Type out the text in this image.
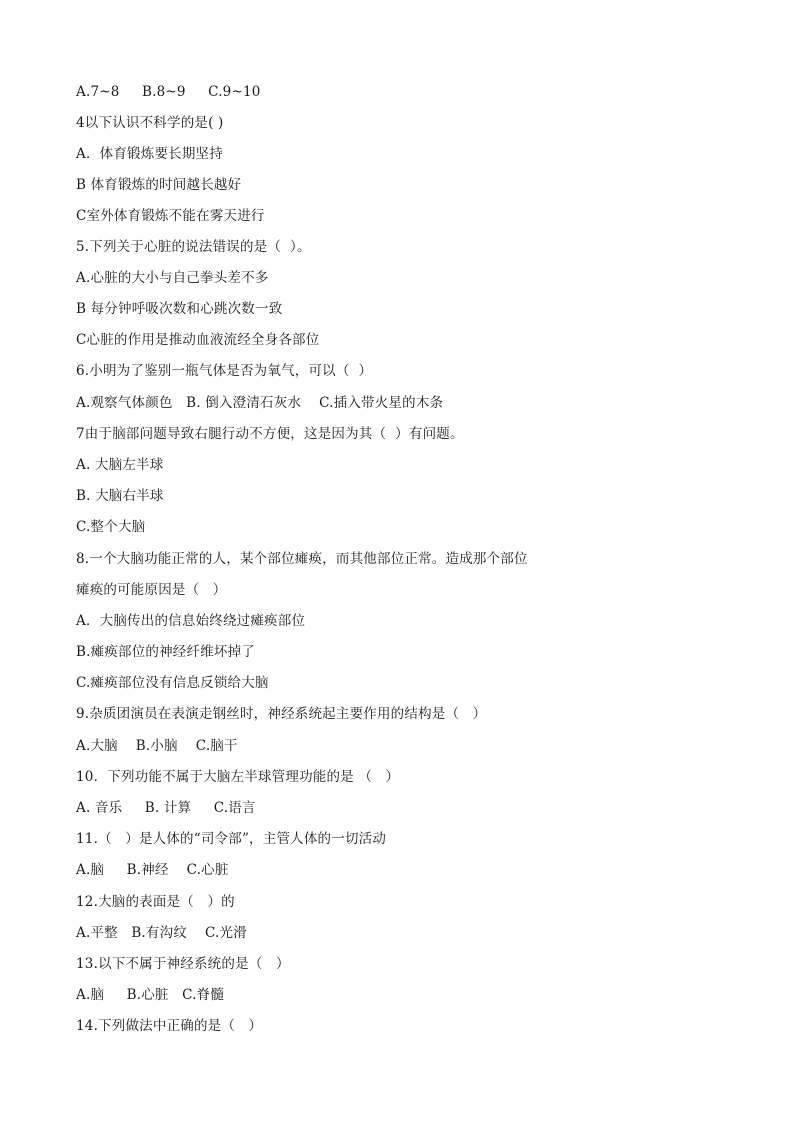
A.7~8     B.8~9     C.9~10
4以下认识不科学的是( )
A．体育锻炼要长期坚持
B 体育锻炼的时间越长越好
C室外体育锻炼不能在雾天进行
5.下列关于心脏的说法错误的是（  ）。
A.心脏的大小与自己拳头差不多
B 每分钟呼吸次数和心跳次数一致
C心脏的作用是推动血液流经全身各部位
6.小明为了鉴别一瓶气体是否为氧气，可以（  ）
A.观察气体颜色   B. 倒入澄清石灰水    C.插入带火星的木条
7由于脑部问题导致右腿行动不方便，这是因为其（  ）有问题。
A. 大脑左半球
B. 大脑右半球
C.整个大脑
8.一个大脑功能正常的人，某个部位瘫痪，而其他部位正常。造成那个部位
瘫痪的可能原因是（   ）
A．大脑传出的信息始终绕过瘫痪部位
B.瘫痪部位的神经纤维坏掉了
C.瘫痪部位没有信息反锁给大脑
9.杂质团演员在表演走钢丝时，神经系统起主要作用的结构是（   ）
A.大脑    B.小脑    C.脑干
10．下列功能不属于大脑左半球管理功能的是 （   ）
A. 音乐     B. 计算     C.语言
11.（   ）是人体的“司令部”，主管人体的一切活动
A.脑     B.神经    C.心脏
12.大脑的表面是（   ）的
A.平整   B.有沟纹    C.光滑
13.以下不属于神经系统的是（   ）
A.脑     B.心脏   C.脊髓
14.下列做法中正确的是（   ）
